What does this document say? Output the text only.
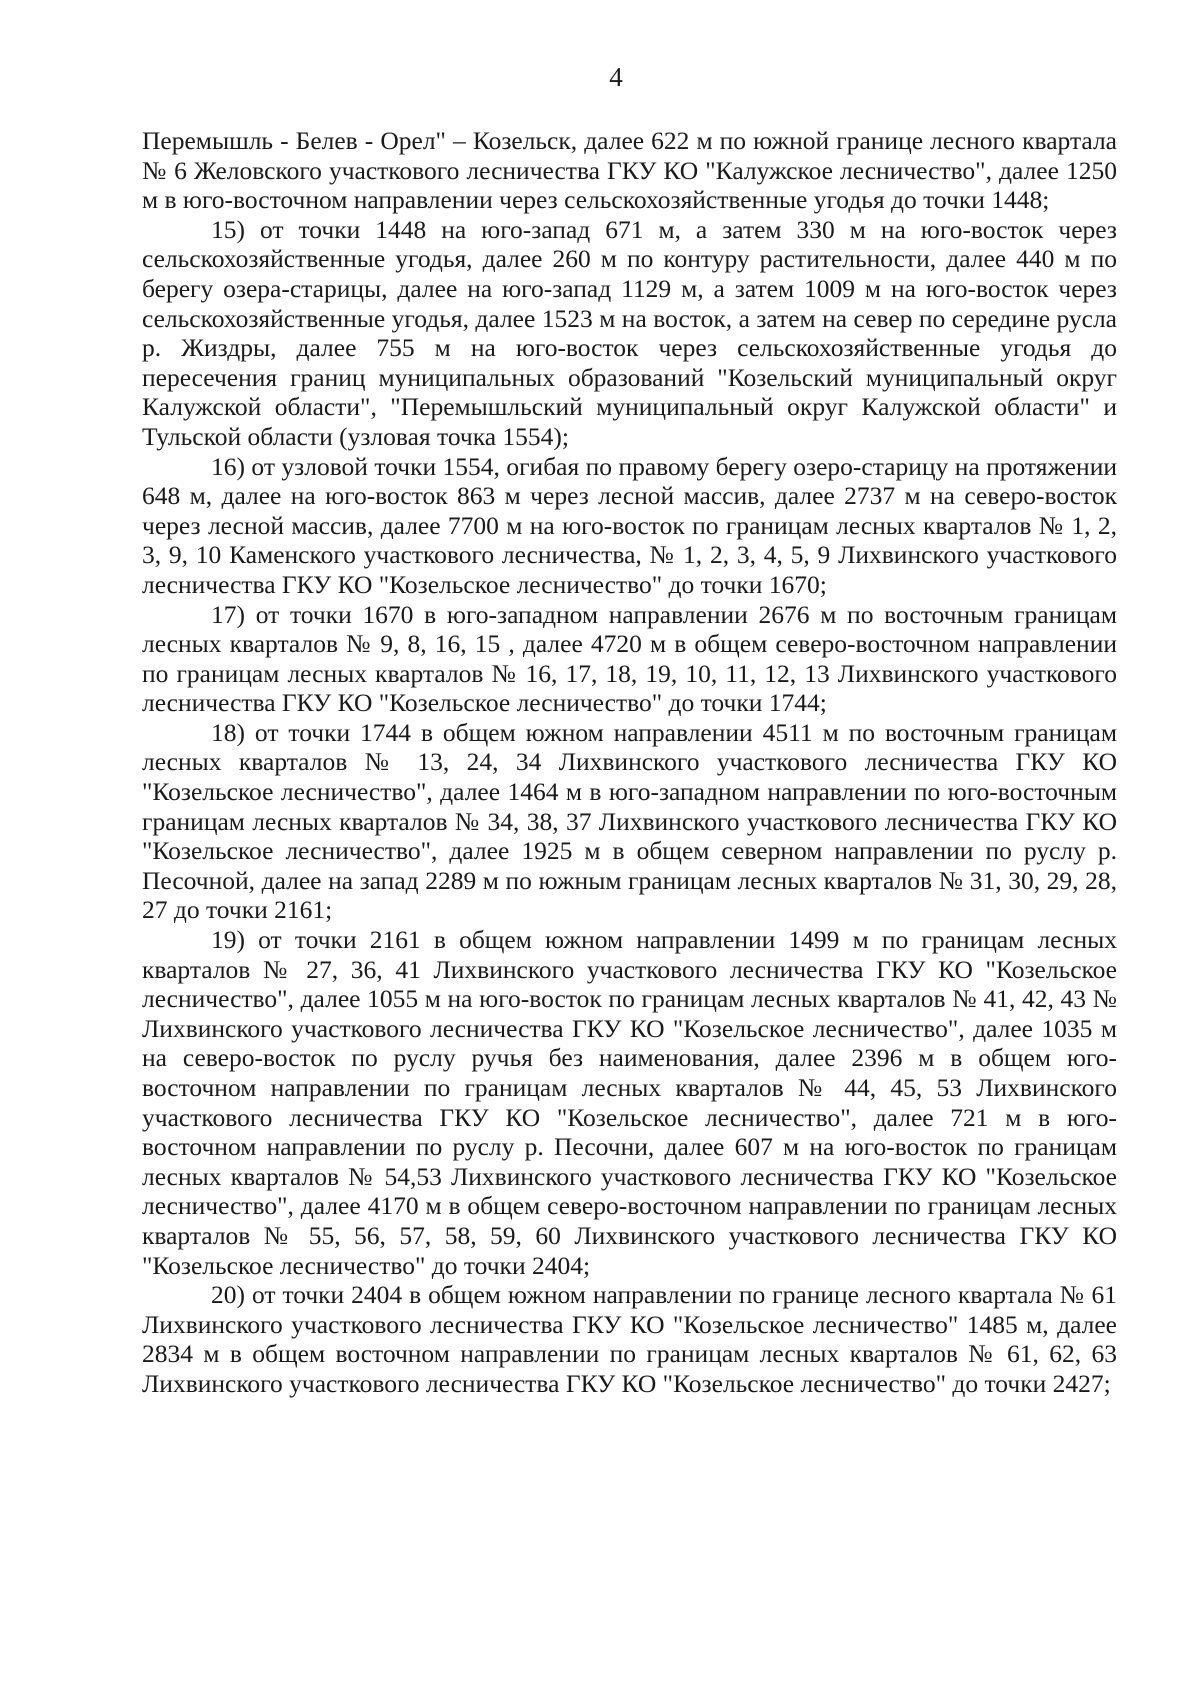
4

Перемышль - Белев - Орел" – Козельск, далее 622 м по южной границе лесного квартала № 6 Желовского участкового лесничества ГКУ КО "Калужское лесничество", далее 1250 м в юго-восточном направлении через сельскохозяйственные угодья до точки 1448;

15) от точки 1448 на юго-запад 671 м, а затем 330 м на юго-восток через сельскохозяйственные угодья, далее 260 м по контуру растительности, далее 440 м по берегу озера-старицы, далее на юго-запад 1129 м, а затем 1009 м на юго-восток через сельскохозяйственные угодья, далее 1523 м на восток, а затем на север по середине русла р. Жиздры, далее 755 м на юго-восток через сельскохозяйственные угодья до пересечения границ муниципальных образований "Козельский муниципальный округ Калужской области", "Перемышльский муниципальный округ Калужской области" и Тульской области (узловая точка 1554);

16) от узловой точки 1554, огибая по правому берегу озеро-старицу на протяжении 648 м, далее на юго-восток 863 м через лесной массив, далее 2737 м на северо-восток через лесной массив, далее 7700 м на юго-восток по границам лесных кварталов № 1, 2, 3, 9, 10 Каменского участкового лесничества, № 1, 2, 3, 4, 5, 9 Лихвинского участкового лесничества ГКУ КО "Козельское лесничество" до точки 1670;

17) от точки 1670 в юго-западном направлении 2676 м по восточным границам лесных кварталов № 9, 8, 16, 15 , далее 4720 м в общем северо-восточном направлении по границам лесных кварталов № 16, 17, 18, 19, 10, 11, 12, 13 Лихвинского участкового лесничества ГКУ КО "Козельское лесничество" до точки 1744;

18) от точки 1744 в общем южном направлении 4511 м по восточным границам лесных кварталов № 13, 24, 34 Лихвинского участкового лесничества ГКУ КО "Козельское лесничество", далее 1464 м в юго-западном направлении по юго-восточным границам лесных кварталов № 34, 38, 37 Лихвинского участкового лесничества ГКУ КО "Козельское лесничество", далее 1925 м в общем северном направлении по руслу р. Песочной, далее на запад 2289 м по южным границам лесных кварталов № 31, 30, 29, 28, 27 до точки 2161;

19) от точки 2161 в общем южном направлении 1499 м по границам лесных кварталов № 27, 36, 41 Лихвинского участкового лесничества ГКУ КО "Козельское лесничество", далее 1055 м на юго-восток по границам лесных кварталов № 41, 42, 43 № Лихвинского участкового лесничества ГКУ КО "Козельское лесничество", далее 1035 м на северо-восток по руслу ручья без наименования, далее 2396 м в общем юго-восточном направлении по границам лесных кварталов № 44, 45, 53 Лихвинского участкового лесничества ГКУ КО "Козельское лесничество", далее 721 м в юго-восточном направлении по руслу р. Песочни, далее 607 м на юго-восток по границам лесных кварталов № 54,53 Лихвинского участкового лесничества ГКУ КО "Козельское лесничество", далее 4170 м в общем северо-восточном направлении по границам лесных кварталов № 55, 56, 57, 58, 59, 60 Лихвинского участкового лесничества ГКУ КО "Козельское лесничество" до точки 2404;

20) от точки 2404 в общем южном направлении по границе лесного квартала № 61 Лихвинского участкового лесничества ГКУ КО "Козельское лесничество" 1485 м, далее 2834 м в общем восточном направлении по границам лесных кварталов № 61, 62, 63 Лихвинского участкового лесничества ГКУ КО "Козельское лесничество" до точки 2427;
